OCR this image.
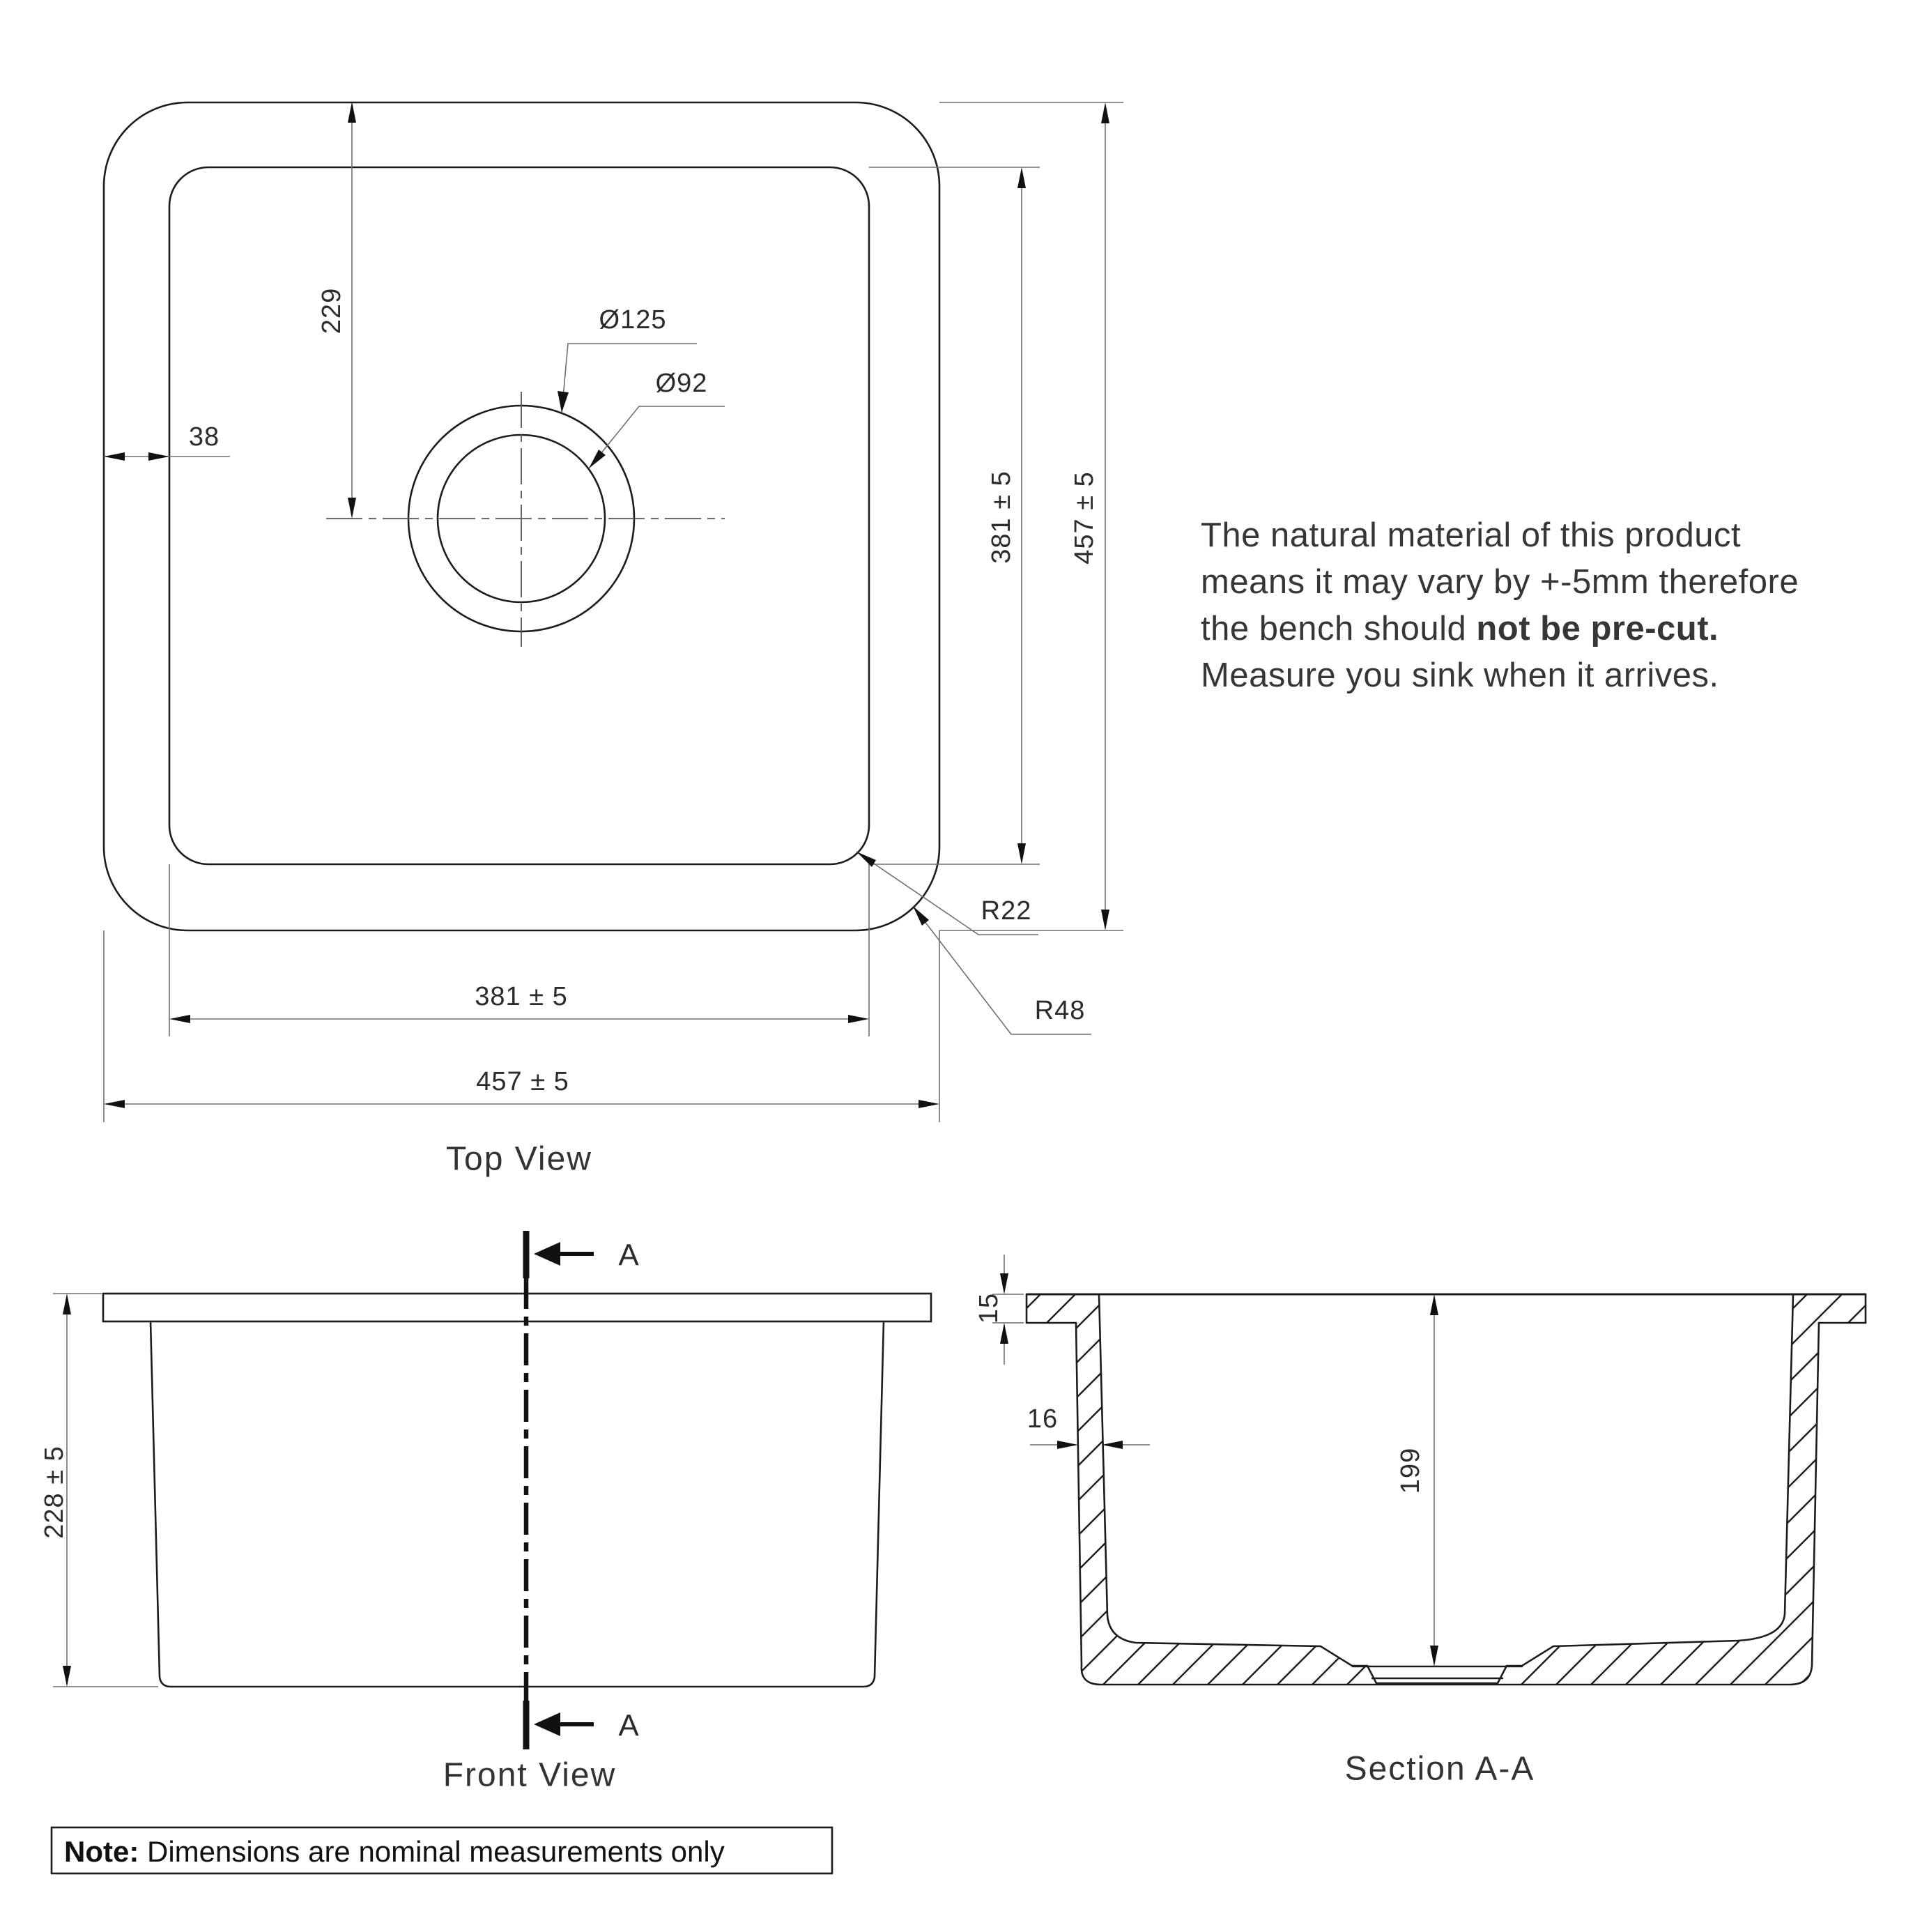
229
38
381 ± 5 457 ± 5
381 ± 5
457 ± 5
Ø125
Ø92
R22
R48
Top View
228 ± 5
A
A
Front View
15
16
199
Section A-A
The natural material of this product
means it may vary by +-5mm therefore
the bench should not be pre-cut.
Measure you sink when it arrives.
Note: Dimensions are nominal measurements only
